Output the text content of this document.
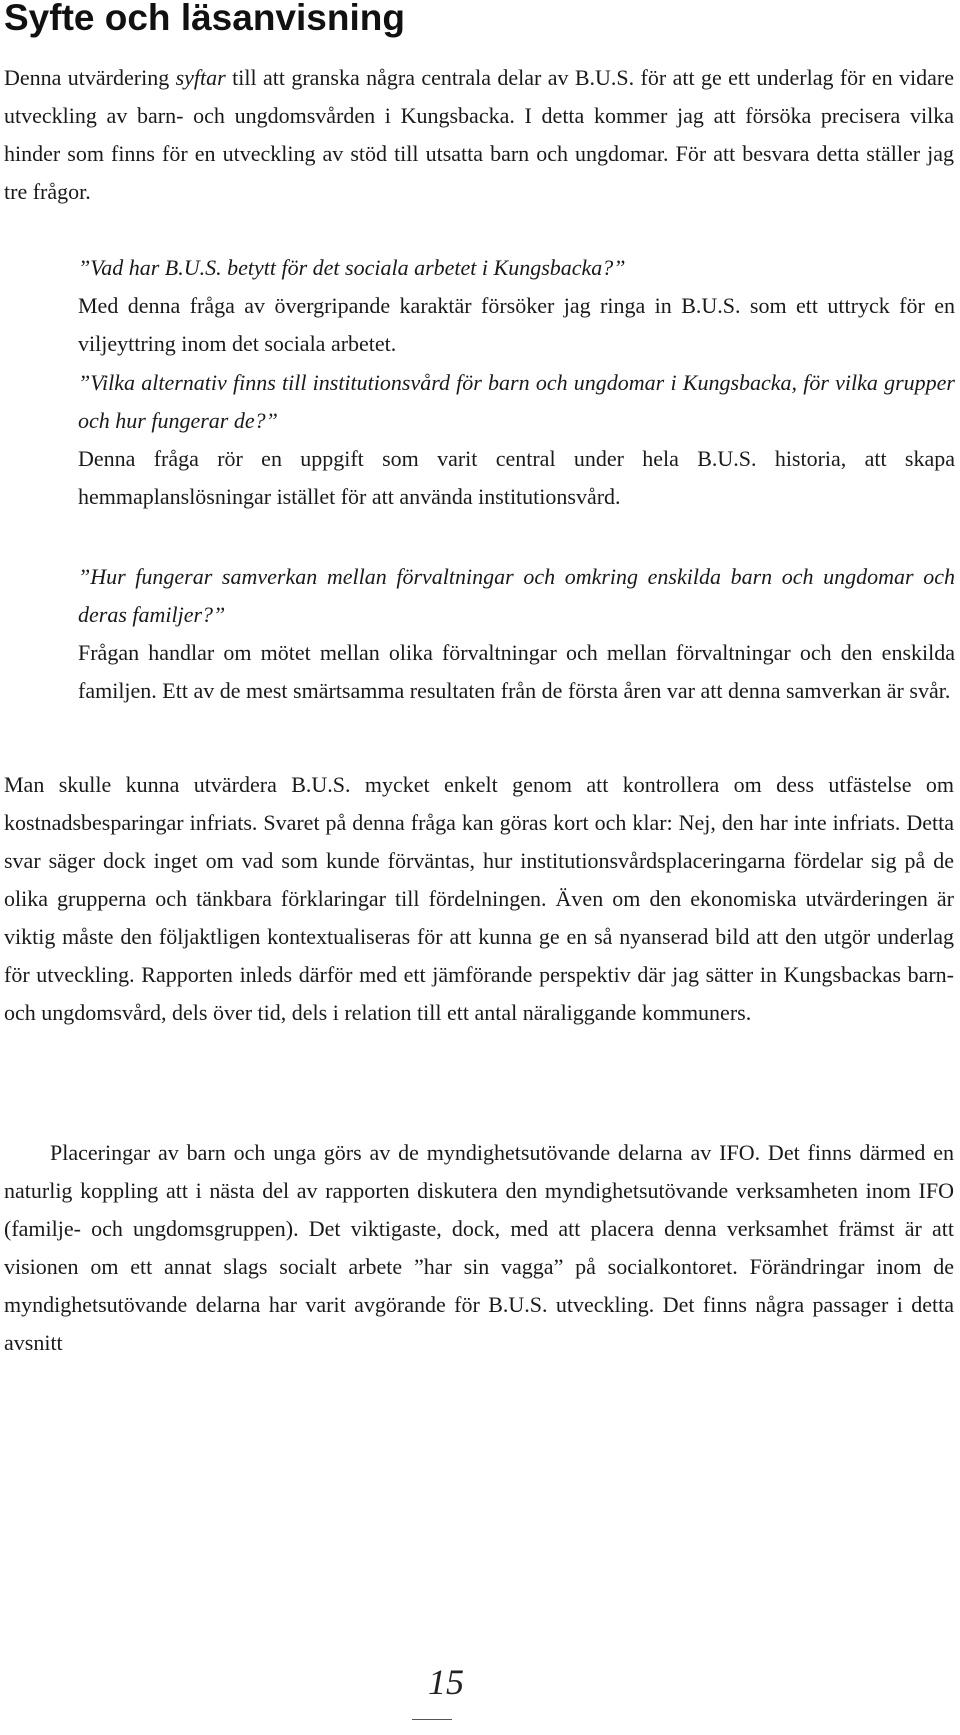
Syfte och läsanvisning

Denna utvärdering syftar till att granska några centrala delar av B.U.S. för att ge ett underlag för en vidare utveckling av barn- och ungdomsvården i Kungsbacka. I detta kommer jag att försöka precisera vilka hinder som finns för en utveckling av stöd till utsatta barn och ungdomar. För att besvara detta ställer jag tre frågor.

”Vad har B.U.S. betytt för det sociala arbetet i Kungsbacka?”
Med denna fråga av övergripande karaktär försöker jag ringa in B.U.S. som ett uttryck för en viljeyttring inom det sociala arbetet.

”Vilka alternativ finns till institutionsvård för barn och ungdomar i Kungsbacka, för vilka grupper och hur fungerar de?”
Denna fråga rör en uppgift som varit central under hela B.U.S. historia, att skapa hemmaplanslösningar istället för att använda institutionsvård.

”Hur fungerar samverkan mellan förvaltningar och omkring enskilda barn och ungdomar och deras familjer?”
Frågan handlar om mötet mellan olika förvaltningar och mellan förvaltningar och den enskilda familjen. Ett av de mest smärtsamma resultaten från de första åren var att denna samverkan är svår.

Man skulle kunna utvärdera B.U.S. mycket enkelt genom att kontrollera om dess utfästelse om kostnadsbesparingar infriats. Svaret på denna fråga kan göras kort och klar: Nej, den har inte infriats. Detta svar säger dock inget om vad som kunde förväntas, hur institutionsvårdsplaceringarna fördelar sig på de olika grupperna och tänkbara förklaringar till fördelningen. Även om den ekonomiska utvärderingen är viktig måste den följaktligen kontextualiseras för att kunna ge en så nyanserad bild att den utgör underlag för utveckling. Rapporten inleds därför med ett jämförande perspektiv där jag sätter in Kungsbackas barn- och ungdomsvård, dels över tid, dels i relation till ett antal näraliggande kommuners.

Placeringar av barn och unga görs av de myndighetsutövande delarna av IFO. Det finns därmed en naturlig koppling att i nästa del av rapporten diskutera den myndighetsutövande verksamheten inom IFO (familje- och ungdomsgruppen). Det viktigaste, dock, med att placera denna verksamhet främst är att visionen om ett annat slags socialt arbete ”har sin vagga” på socialkontoret. Förändringar inom de myndighetsutövande delarna har varit avgörande för B.U.S. utveckling. Det finns några passager i detta avsnitt

15
